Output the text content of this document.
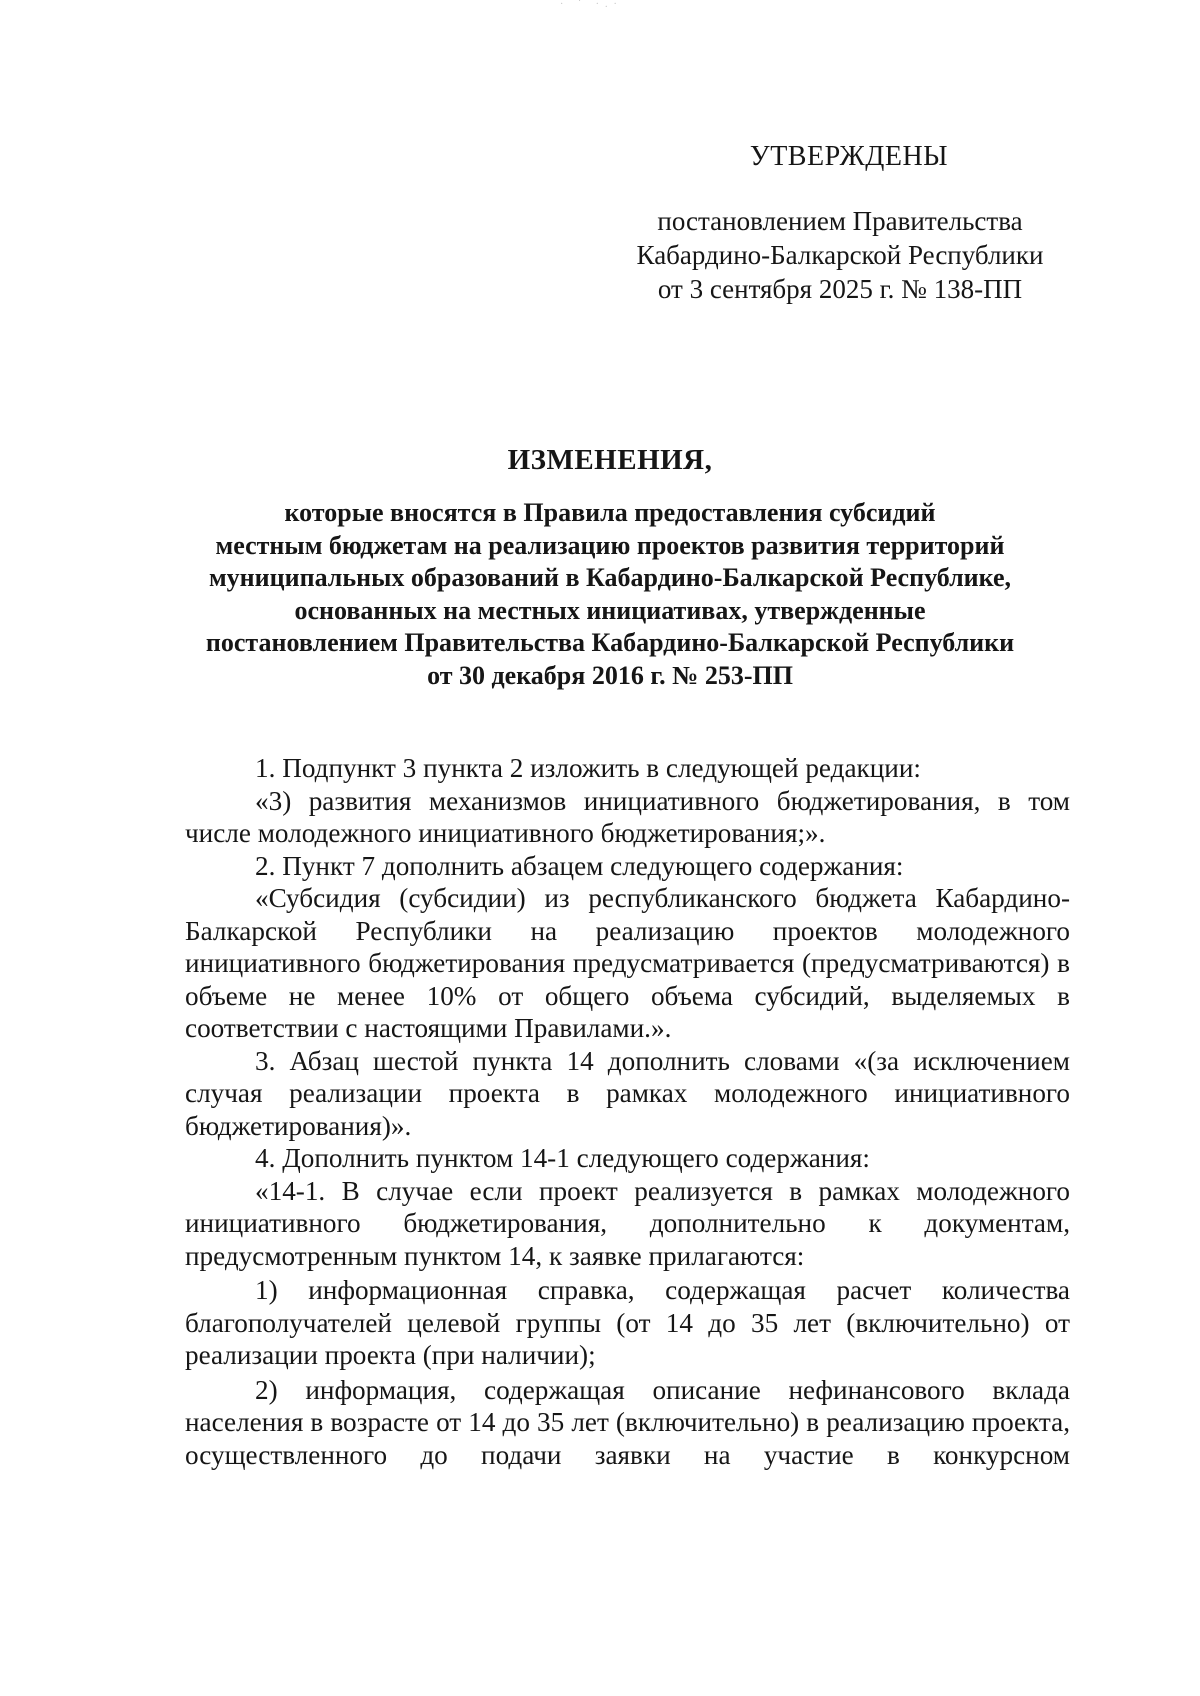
· ˙ ·.·
УТВЕРЖДЕНЫ
постановлением Правительства
Кабардино-Балкарской Республики
от 3 сентября 2025 г. № 138-ПП
ИЗМЕНЕНИЯ,
которые вносятся в Правила предоставления субсидий
местным бюджетам на реализацию проектов развития территорий
муниципальных образований в Кабардино-Балкарской Республике,
основанных на местных инициативах, утвержденные
постановлением Правительства Кабардино-Балкарской Республики
от 30 декабря 2016 г. № 253-ПП

1. Подпункт 3 пункта 2 изложить в следующей редакции:

«3) развития механизмов инициативного бюджетирования, в том числе молодежного инициативного бюджетирования;».

2. Пункт 7 дополнить абзацем следующего содержания:

«Субсидия (субсидии) из республиканского бюджета Кабардино-Балкарской Республики на реализацию проектов молодежного инициативного бюджетирования предусматривается (предусматриваются) в объеме не менее 10% от общего объема субсидий, выделяемых в соответствии с настоящими Правилами.».

3. Абзац шестой пункта 14 дополнить словами «(за исключением случая реализации проекта в рамках молодежного инициативного бюджетирования)».

4. Дополнить пунктом 14-1 следующего содержания:

«14-1. В случае если проект реализуется в рамках молодежного инициативного бюджетирования, дополнительно к документам, предусмотренным пунктом 14, к заявке прилагаются:

1) информационная справка, содержащая расчет количества благополучателей целевой группы (от 14 до 35 лет (включительно) от реализации проекта (при наличии);

2) информация, содержащая описание нефинансового вклада населения в возрасте от 14 до 35 лет (включительно) в реализацию проекта, осуществленного до подачи заявки на участие в конкурсном
